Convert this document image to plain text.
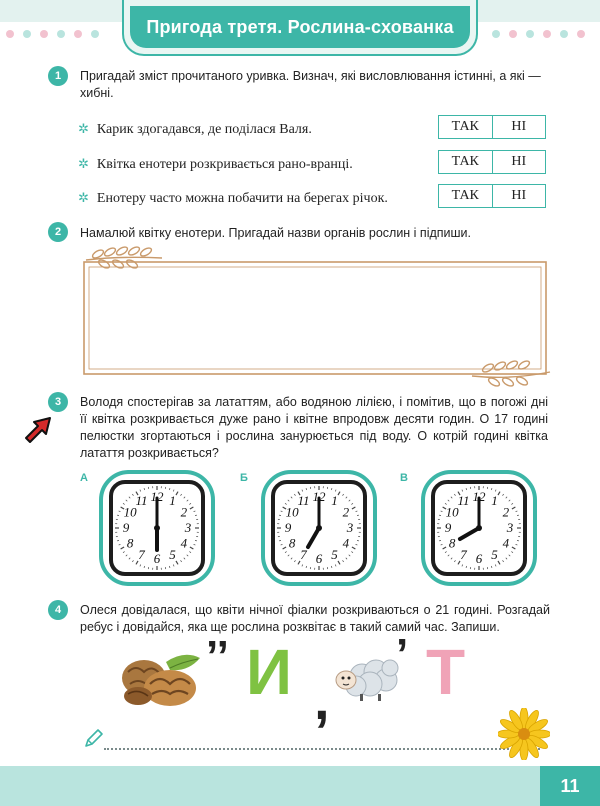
Пригода третя. Рослина-схованка
1	Пригадай зміст прочитаного уривка. Визнач, які висловлювання істинні, а які — хибні.
✲ Карик здогадався, де поділася Валя.	ТАК	НІ
✲ Квітка енотери розкривається рано-вранці.	ТАК	НІ
✲ Енотеру часто можна побачити на берегах річок.	ТАК	НІ
2	Намалюй квітку енотери. Пригадай назви органів рослин і підпиши.
3	Володя спостерігав за лататтям, або водяною лілією, і помітив, що в погожі дні її квітка розкривається дуже рано і квітне впродовж десяти годин. О 17 годині пелюстки згортаються і рослина занурюється під воду. О котрій годині квітка латаття розкривається?
А	Б	В
12 1
2
3
4
5
6
7
8
9
10
11	12 1
2
3
4
5
6
7
8
9
10
11	12 1
2
3
4
5
6
7
8
9
10
11
4	Олеся довідалася, що квіти нічної фіалки розкриваються о 21 годині. Розгадай ребус і довідайся, яка ще рослина розквітає в такий самий час. Запиши.
’’ И ,
’ Т
11
